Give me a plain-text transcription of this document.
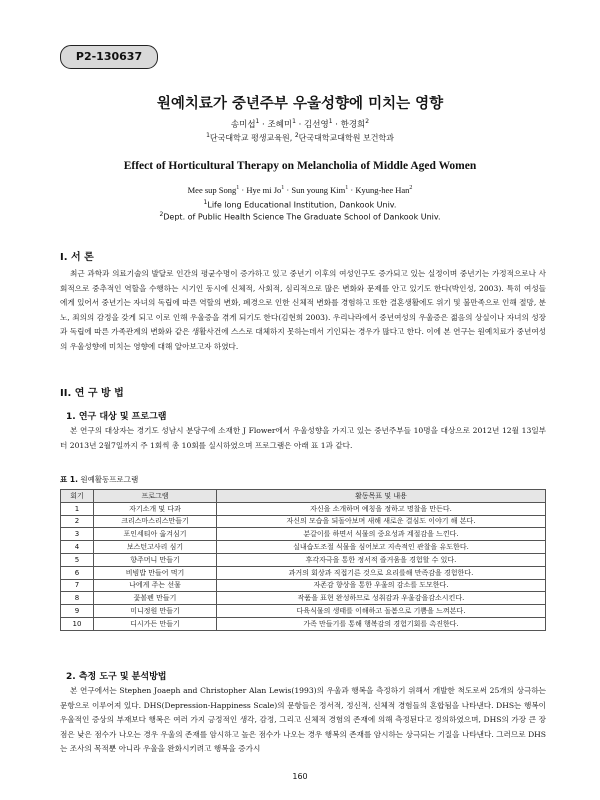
P2-130637
원예치료가 중년주부 우울성향에 미치는 영향
송미섭$^1$ · 조혜미$^1$ · 김선영$^1$ · 한경희$^2$
$^1$단국대학교 평생교육원, $^2$단국대학교대학원 보건학과
Effect of Horticultural Therapy on Melancholia of Middle Aged Women
Mee sup Song$^1$ · Hye mi $Jo^1$ · Sun young Kim$^1$ · Kyung-hee Han$^2$
$^1$Life long Educational Institution, Dankook Univ.
$^2$Dept. of Public Health Science The Graduate School of Dankook Univ.
I. 서 론
최근 과학과 의료기술의 발달로 인간의 평균수명이 증가하고 있고 중년기 이후의 여성인구도 증가되고 있는 실정이며 중년기는 가정적으로나 사회적으로 중추적인 역할을 수행하는 시기인 동시에 신체적, 사회적, 심리적으로 많은 변화와 문제를 안고 있기도 한다(박인성, 2003). 특히 여성들에게 있어서 중년기는 자녀의 독립에 따른 역할의 변화, 폐경으로 인한 신체적 변화를 경험하고 또한 결혼생활에도 위기 및 불만족으로 인해 절망, 분노, 죄의의 감정을 갖게 되고 이로 인해 우울증을 겪게 되기도 한다(김현희 2003). 우리나라에서 중년여성의 우울증은 젊음의 상실이나 자녀의 성장과 독립에 따른 가족관계의 변화와 같은 생활사건에 스스로 대체하지 못하는데서 기인되는 경우가 많다고 한다. 이에 본 연구는 원예치료가 중년여성의 우울성향에 미치는 영향에 대해 알아보고자 하였다.
II. 연 구 방 법
1. 연구 대상 및 프로그램
본 연구의 대상자는 경기도 성남시 분당구에 소재한 J Flower에서 우울성향을 가지고 있는 중년주부들 10명을 대상으로 2012년 12월 13일부터 2013년 2월7일까지 주 1회씩 총 10회를 실시하였으며 프로그램은 아래 표 1과 같다.
표 1. 원예활동프로그램
회기	프로그램	활동목표 및 내용
1	자기소개 및 다과	자신을 소개하며 예칭을 정하고 명찰을 만든다.
2	크리스마스리스만들기	자신의 모습을 되돌아보며 새해 새로운 결심도 이야기 해 본다.
3	포인세티아 옮겨심기	분갈이를 하면서 식물의 중요성과 계절감을 느낀다.
4	보스턴고사리 심기	실내습도조절 식물을 심어보고 지속적인 관찰을 유도한다.
5	향주머니 만들기	후각자극을 통한 정서적 즐거움을 경험할 수 있다.
6	비빔밥 만들어 먹기	과거의 회상과 직접기른 것으로 요리를해 만족감을 경험한다.
7	나에게 주는 선물	자존감 향상을 통한 우울의 감소를 도모한다.
8	꽃볼펜 만들기	작품을 표현 완성하므로 성취감과 우울감을감소시킨다.
9	미니정원 만들기	다육식물의 생태를 이해하고 돌봄으로 기쁨을 느껴본다.
10	디시가든 만들기	가족 만들기를 통해 행복감의 경험기회를 촉진한다.
2. 측정 도구 및 분석방법
본 연구에서는 Stephen Joaeph and Christopher Alan Lewis(1993)의 우울과 행복을 측정하기 위해서 개발한 척도로써 25개의 상극하는 문항으로 이루어져 있다. DHS(Depression-Happiness Scale)의 문항들은 정서적, 정신적, 신체적 경험들의 혼합됨을 나타낸다. DHS는 행복이 우울적인 증상의 부재보다 행복은 여러 가지 긍정적인 생각, 감정, 그리고 신체적 경험의 존재에 의해 측정된다고 정의하였으며, DHS의 가장 큰 장점은 낮은 점수가 나오는 경우 우울의 존재를 암시하고 높은 점수가 나오는 경우 행복의 존재를 암시하는 상극되는 기질을 나타낸다. 그러므로 DHS는 조사의 목적뿐 아니라 우울을 완화시키려고 행복을 증가시
160
